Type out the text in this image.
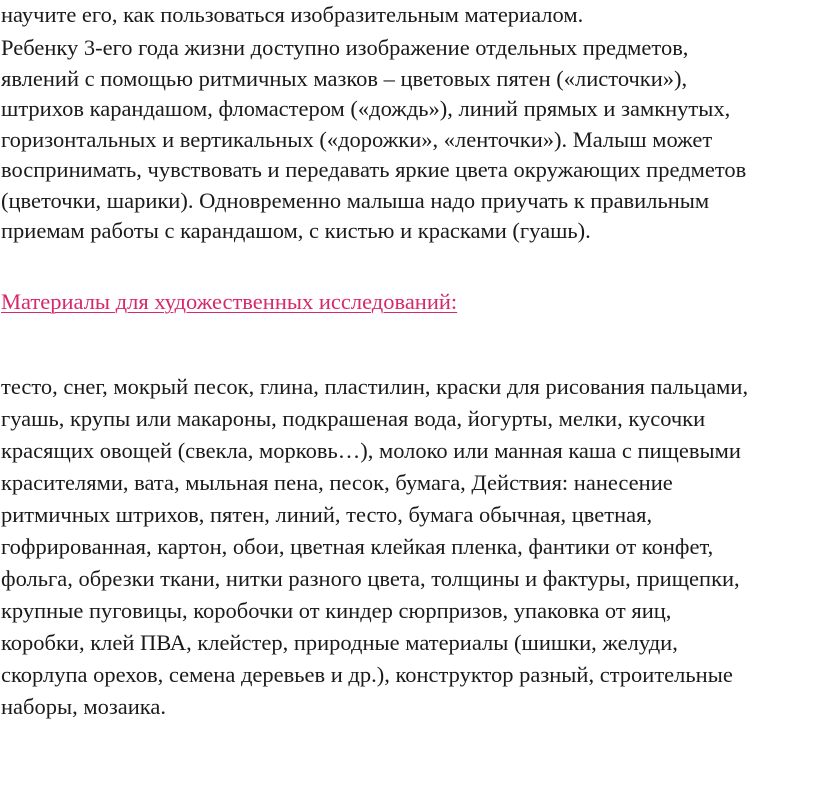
научите его, как пользоваться изобразительным материалом.
Ребенку 3-его года жизни доступно изображение отдельных предметов,
явлений с помощью ритмичных мазков – цветовых пятен («листочки»),
штрихов карандашом, фломастером («дождь»), линий прямых и замкнутых,
горизонтальных и вертикальных («дорожки», «ленточки»). Малыш может
воспринимать, чувствовать и передавать яркие цвета окружающих предметов
(цветочки, шарики). Одновременно малыша надо приучать к правильным
приемам работы с карандашом, с кистью и красками (гуашь).
Материалы для художественных исследований:
тесто, снег, мокрый песок, глина, пластилин, краски для рисования пальцами,
гуашь, крупы или макароны, подкрашеная вода, йогурты, мелки, кусочки
красящих овощей (свекла, морковь…), молоко или манная каша с пищевыми
красителями, вата, мыльная пена, песок, бумага, Действия: нанесение
ритмичных штрихов, пятен, линий, тесто, бумага обычная, цветная,
гофрированная, картон, обои, цветная клейкая пленка, фантики от конфет,
фольга, обрезки ткани, нитки разного цвета, толщины и фактуры, прищепки,
крупные пуговицы, коробочки от киндер сюрпризов, упаковка от яиц,
коробки, клей ПВА, клейстер, природные материалы (шишки, желуди,
скорлупа орехов, семена деревьев и др.), конструктор разный, строительные
наборы, мозаика.
